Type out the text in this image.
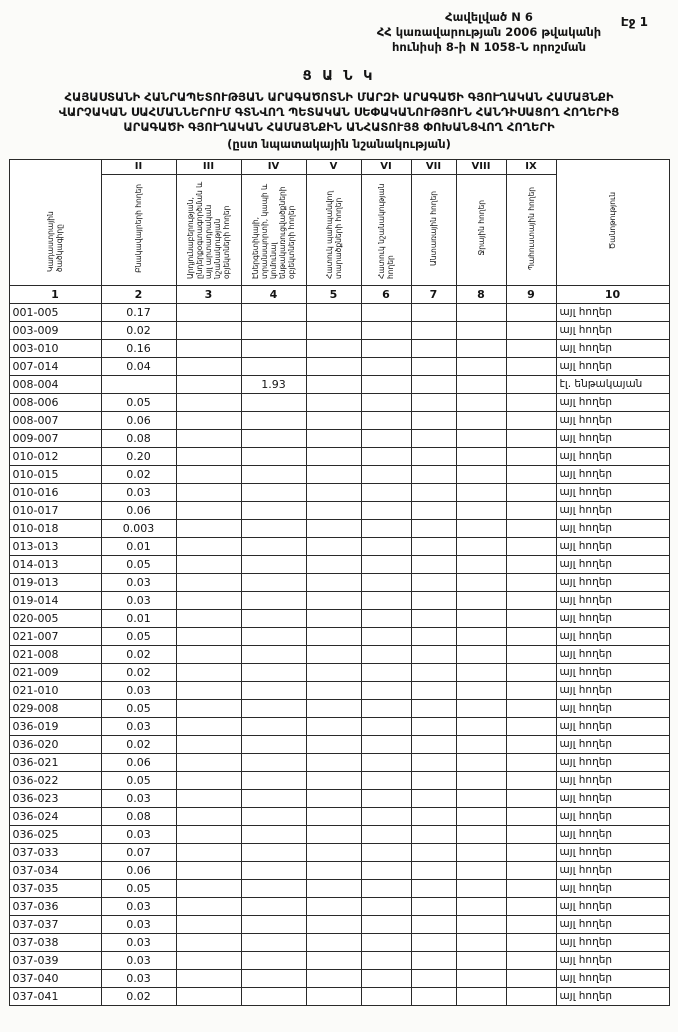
Էջ 1
Հավելված N 6
ՀՀ կառավարության 2006 թվականի
հունիսի 8-ի N 1058-Ն որոշման
Ց Ա Ն Կ
ՀԱՅԱՍՏԱՆԻ ՀԱՆՐԱՊԵՏՈՒԹՅԱՆ ԱՐԱԳԱԾՈՏՆԻ ՄԱՐԶԻ ԱՐԱԳԱԾԻ ԳՅՈՒՂԱԿԱՆ ՀԱՄԱՅՆՔԻ
ՎԱՐՉԱԿԱՆ ՍԱՀՄԱՆՆԵՐՈՒՄ ԳՏՆՎՈՂ ՊԵՏԱԿԱՆ ՍԵՓԱԿԱՆՈՒԹՅՈՒՆ ՀԱՆԴԻՍԱՑՈՂ ՀՈՂԵՐԻՑ
ԱՐԱԳԱԾԻ ԳՅՈՒՂԱԿԱՆ ՀԱՄԱՅՆՔԻՆ ԱՆՀԱՏՈՒՅՑ ՓՈԽԱՆՑՎՈՂ ՀՈՂԵՐԻ
(ըստ նպատակային նշանակության)
Կադաստրային ծածկագիրը	II	III	IV	V	VI	VII	VIII	IX	Ծանոթություն
	Բնակավայրերի հողեր	Արդյունաբերության, ընդերքօգտագործման և այլ արտադրական նշանակության օբյեկտների հողեր	Էներգետիկայի, տրանսպորտի, կապի և կոմունալ ենթակառուցվածքների օբյեկտների հողեր	Հատուկ պահպանվող տարածքների հողեր	Հատուկ նշանակության հողեր	Անտառային հողեր	Ջրային հողեր	Պահուստային հողեր	
1	2	3	4	5	6	7	8	9	10
001-005	0.17								այլ հողեր
003-009	0.02								այլ հողեր
003-010	0.16								այլ հողեր
007-014	0.04								այլ հողեր
008-004			1.93						էլ. ենթակայան
008-006	0.05								այլ հողեր
008-007	0.06								այլ հողեր
009-007	0.08								այլ հողեր
010-012	0.20								այլ հողեր
010-015	0.02								այլ հողեր
010-016	0.03								այլ հողեր
010-017	0.06								այլ հողեր
010-018	0.003								այլ հողեր
013-013	0.01								այլ հողեր
014-013	0.05								այլ հողեր
019-013	0.03								այլ հողեր
019-014	0.03								այլ հողեր
020-005	0.01								այլ հողեր
021-007	0.05								այլ հողեր
021-008	0.02								այլ հողեր
021-009	0.02								այլ հողեր
021-010	0.03								այլ հողեր
029-008	0.05								այլ հողեր
036-019	0.03								այլ հողեր
036-020	0.02								այլ հողեր
036-021	0.06								այլ հողեր
036-022	0.05								այլ հողեր
036-023	0.03								այլ հողեր
036-024	0.08								այլ հողեր
036-025	0.03								այլ հողեր
037-033	0.07								այլ հողեր
037-034	0.06								այլ հողեր
037-035	0.05								այլ հողեր
037-036	0.03								այլ հողեր
037-037	0.03								այլ հողեր
037-038	0.03								այլ հողեր
037-039	0.03								այլ հողեր
037-040	0.03								այլ հողեր
037-041	0.02								այլ հողեր
